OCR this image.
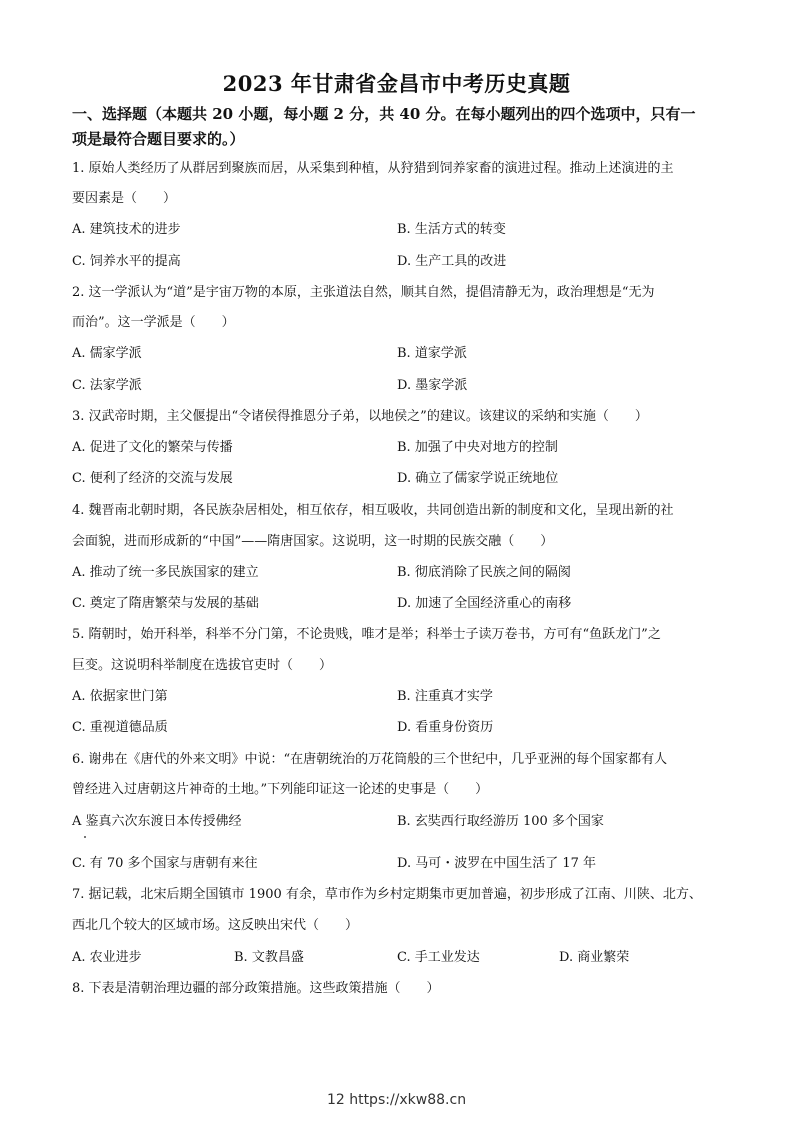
2023 年甘肃省金昌市中考历史真题
一、选择题（本题共 20 小题，每小题 2 分，共 40 分。在每小题列出的四个选项中，只有一
项是最符合题目要求的。）
1. 原始人类经历了从群居到聚族而居，从采集到种植，从狩猎到饲养家畜的演进过程。推动上述演进的主
要因素是（　　）
A. 建筑技术的进步	B. 生活方式的转变
C. 饲养水平的提高	D. 生产工具的改进
2. 这一学派认为“道”是宇宙万物的本原，主张道法自然，顺其自然，提倡清静无为，政治理想是“无为
而治”。这一学派是（　　）
A. 儒家学派	B. 道家学派
C. 法家学派	D. 墨家学派
3. 汉武帝时期，主父偃提出“令诸侯得推恩分子弟，以地侯之”的建议。该建议的采纳和实施（　　）
A. 促进了文化的繁荣与传播	B. 加强了中央对地方的控制
C. 便利了经济的交流与发展	D. 确立了儒家学说正统地位
4. 魏晋南北朝时期，各民族杂居相处，相互依存，相互吸收，共同创造出新的制度和文化，呈现出新的社
会面貌，进而形成新的“中国”——隋唐国家。这说明，这一时期的民族交融（　　）
A. 推动了统一多民族国家的建立	B. 彻底消除了民族之间的隔阂
C. 奠定了隋唐繁荣与发展的基础	D. 加速了全国经济重心的南移
5. 隋朝时，始开科举，科举不分门第，不论贵贱，唯才是举；科举士子读万卷书，方可有“鱼跃龙门”之
巨变。这说明科举制度在选拔官吏时（　　）
A. 依据家世门第	B. 注重真才实学
C. 重视道德品质	D. 看重身份资历
6. 谢弗在《唐代的外来文明》中说：“在唐朝统治的万花筒般的三个世纪中，几乎亚洲的每个国家都有人
曾经进入过唐朝这片神奇的土地。”下列能印证这一论述的史事是（　　）
A 鉴真六次东渡日本传授佛经	B. 玄奘西行取经游历 100 多个国家
C. 有 70 多个国家与唐朝有来往	D. 马可・波罗在中国生活了 17 年
7. 据记载，北宋后期全国镇市 1900 有余，草市作为乡村定期集市更加普遍，初步形成了江南、川陕、北方、
西北几个较大的区域市场。这反映出宋代（　　）
A. 农业进步	B. 文教昌盛	C. 手工业发达	D. 商业繁荣
8. 下表是清朝治理边疆的部分政策措施。这些政策措施（　　）
12 https://xkw88.cn
